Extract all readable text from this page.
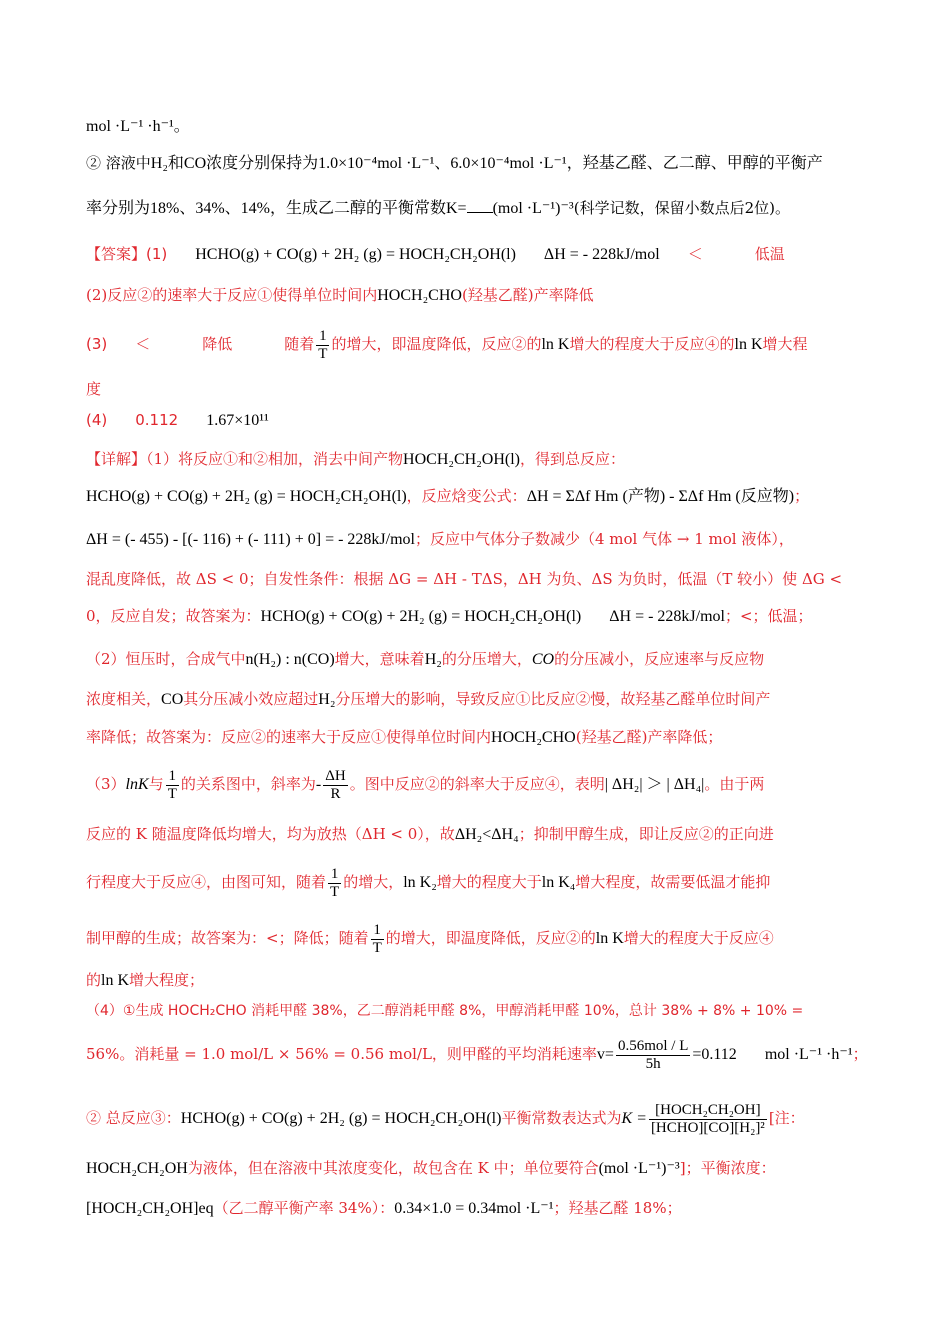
mol ·L⁻¹ ·h⁻¹。
② 溶液中H₂和CO浓度分别保持为1.0×10⁻⁴mol ·L⁻¹、6.0×10⁻⁴mol ·L⁻¹，羟基乙醛、乙二醇、甲醇的平衡产
率分别为18%、34%、14%，生成乙二醇的平衡常数K= (mol ·L⁻¹)⁻³(科学记数，保留小数点后2位)。
【答案】(1) HCHO(g) + CO(g) + 2H₂ (g) = HOCH₂CH₂OH(l) ΔH = - 228kJ/mol ＜	低温
(2)反应②的速率大于反应①使得单位时间内HOCH₂CHO(羟基乙醛)产率降低
(3) ＜	降低	随着 $\frac{1}{T}$ 的增大，即温度降低，反应②的ln K增大的程度大于反应④的ln K增大程
度
(4) 0.112 1.67×10¹¹
【详解】（1）将反应①和②相加，消去中间产物HOCH₂CH₂OH(l)，得到总反应：
HCHO(g) + CO(g) + 2H₂ (g) = HOCH₂CH₂OH(l)，反应焓变公式：ΔH = ΣΔf Hm (产物) - ΣΔf Hm (反应物)；
ΔH = (- 455) - [(- 116) + (- 111) + 0] = - 228kJ/mol；反应中气体分子数减少（4 mol 气体 → 1 mol 液体），
混乱度降低，故 ΔS < 0；自发性条件：根据 ΔG = ΔH - TΔS，ΔH 为负、ΔS 为负时，低温（T 较小）使 ΔG <
0，反应自发；故答案为：HCHO(g) + CO(g) + 2H₂ (g) = HOCH₂CH₂OH(l) ΔH = - 228kJ/mol；<；低温；
（2）恒压时，合成气中n(H₂) : n(CO)增大，意味着H₂的分压增大，CO的分压减小，反应速率与反应物
浓度相关，CO其分压减小效应超过H₂分压增大的影响，导致反应①比反应②慢，故羟基乙醛单位时间产
率降低；故答案为：反应②的速率大于反应①使得单位时间内HOCH₂CHO(羟基乙醛)产率降低；
（3）lnK与 $\frac{1}{T}$ 的关系图中，斜率为- $\frac{\Delta H}{R}$ 。图中反应②的斜率大于反应④，表明| ΔH₂| ＞ | ΔH₄|。由于两
反应的 K 随温度降低均增大，均为放热（ΔH < 0），故ΔH₂<ΔH₄；抑制甲醇生成，即让反应②的正向进
行程度大于反应④，由图可知，随着 $\frac{1}{T}$ 的增大，ln K₂增大的程度大于ln K₄增大程度，故需要低温才能抑
制甲醇的生成；故答案为：<；降低；随着 $\frac{1}{T}$ 的增大，即温度降低，反应②的ln K增大的程度大于反应④
的ln K增大程度；
（4）①生成 HOCH₂CHO 消耗甲醛 38%，乙二醇消耗甲醛 8%，甲醇消耗甲醛 10%，总计 38% + 8% + 10% =
56%。消耗量 = 1.0 mol/L × 56% = 0.56 mol/L，则甲醛的平均消耗速率$v= \frac{\text{0.56mol / L}}{5h} =0.112$ mol ·L⁻¹ ·h⁻¹；
② 总反应③：HCHO(g) + CO(g) + 2H₂ (g) = HOCH₂CH₂OH(l)平衡常数表达式为$K = \frac{\text{[HOCH₂CH₂OH]}}{\text{[HCHO][CO][H₂]²}}$ [注：
HOCH₂CH₂OH为液体，但在溶液中其浓度变化，故包含在 K 中；单位要符合(mol ·L⁻¹)⁻³]；平衡浓度：
[HOCH₂CH₂OH]eq（乙二醇平衡产率 34%）：0.34×1.0 = 0.34mol ·L⁻¹；羟基乙醛 18%；
